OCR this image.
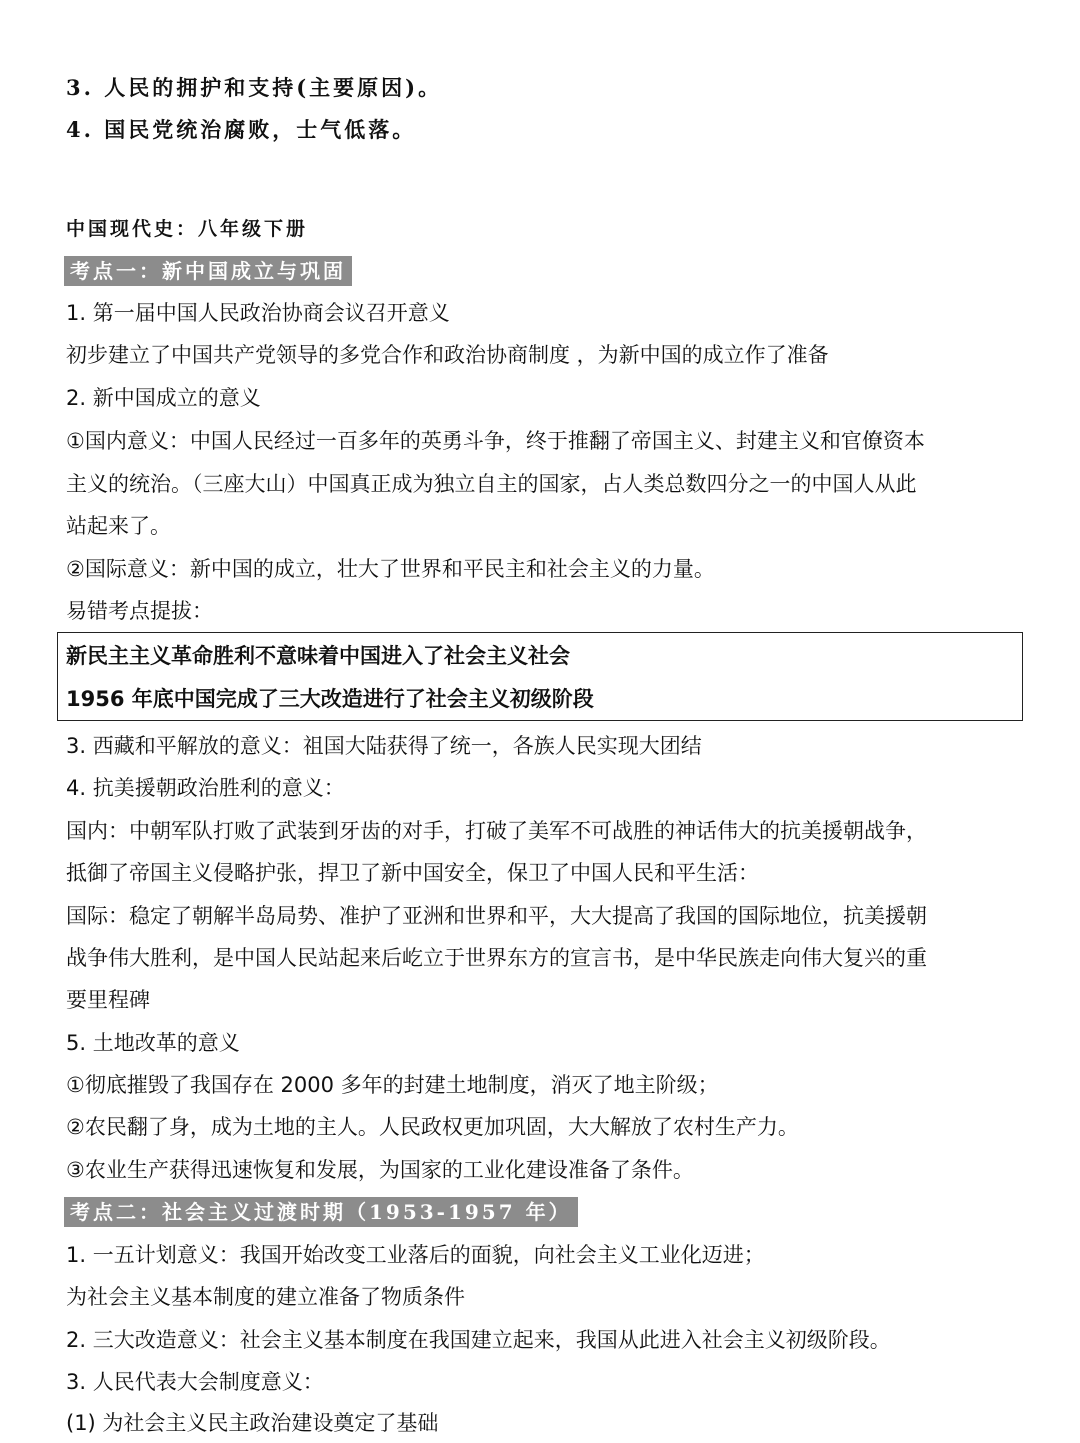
3. 人民的拥护和支持(主要原因)。
4. 国民党统治腐败，士气低落。
中国现代史：八年级下册
考点一：新中国成立与巩固
1. 第一届中国人民政治协商会议召开意义
初步建立了中国共产党领导的多党合作和政治协商制度 ，为新中国的成立作了准备
2. 新中国成立的意义
①国内意义：中国人民经过一百多年的英勇斗争，终于推翻了帝国主义、封建主义和官僚资本
主义的统治。（三座大山）中国真正成为独立自主的国家，占人类总数四分之一的中国人从此
站起来了。
②国际意义：新中国的成立，壮大了世界和平民主和社会主义的力量。
易错考点提拔：
新民主主义革命胜利不意味着中国进入了社会主义社会
1956 年底中国完成了三大改造进行了社会主义初级阶段
3. 西藏和平解放的意义：祖国大陆获得了统一，各族人民实现大团结
4. 抗美援朝政治胜利的意义：
国内：中朝军队打败了武装到牙齿的对手，打破了美军不可战胜的神话伟大的抗美援朝战争，
抵御了帝国主义侵略护张，捍卫了新中国安全，保卫了中国人民和平生活：
国际：稳定了朝解半岛局势、准护了亚洲和世界和平，大大提高了我国的国际地位，抗美援朝
战争伟大胜利，是中国人民站起来后屹立于世界东方的宣言书，是中华民族走向伟大复兴的重
要里程碑
5. 土地改革的意义
①彻底摧毁了我国存在 2000 多年的封建土地制度，消灭了地主阶级；
②农民翻了身，成为土地的主人。人民政权更加巩固，大大解放了农村生产力。
③农业生产获得迅速恢复和发展，为国家的工业化建设准备了条件。
考点二：社会主义过渡时期（1953-1957 年）
1. 一五计划意义：我国开始改变工业落后的面貌，向社会主义工业化迈进；
为社会主义基本制度的建立准备了物质条件
2. 三大改造意义：社会主义基本制度在我国建立起来，我国从此进入社会主义初级阶段。
3. 人民代表大会制度意义：
(1) 为社会主义民主政治建设奠定了基础
